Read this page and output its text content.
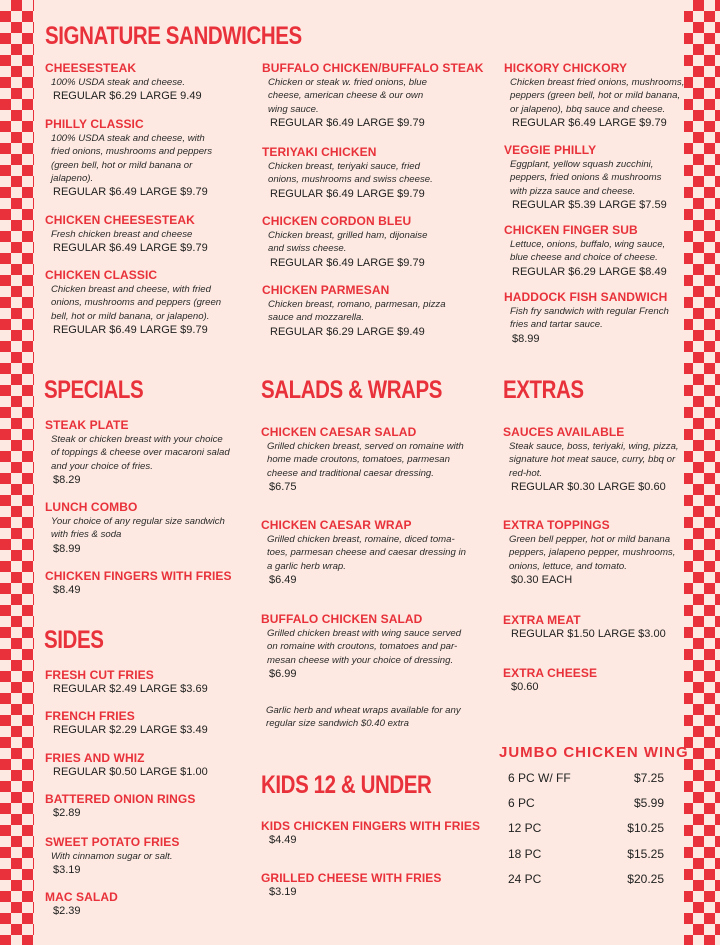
SIGNATURE SANDWICHES
SPECIALS	SALADS & WRAPS EXTRAS
SIDES
KIDS 12 & UNDER
JUMBO CHICKEN WING
CHEESESTEAK
100% USDA steak and cheese.
REGULAR $6.29 LARGE 9.49
PHILLY CLASSIC
100% USDA steak and cheese, with
fried onions, mushrooms and peppers
(green bell, hot or mild banana or
jalapeno).
REGULAR $6.49 LARGE $9.79
CHICKEN CHEESESTEAK
Fresh chicken breast and cheese
REGULAR $6.49 LARGE $9.79
CHICKEN CLASSIC
Chicken breast and cheese, with fried
onions, mushrooms and peppers (green
bell, hot or mild banana, or jalapeno).
REGULAR $6.49 LARGE $9.79
BUFFALO CHICKEN/BUFFALO STEAK
Chicken or steak w. fried onions, blue
cheese, american cheese & our own
wing sauce.
REGULAR $6.49 LARGE $9.79
TERIYAKI CHICKEN
Chicken breast, teriyaki sauce, fried
onions, mushrooms and swiss cheese.
REGULAR $6.49 LARGE $9.79
CHICKEN CORDON BLEU
Chicken breast, grilled ham, dijonaise
and swiss cheese.
REGULAR $6.49 LARGE $9.79
CHICKEN PARMESAN
Chicken breast, romano, parmesan, pizza
sauce and mozzarella.
REGULAR $6.29 LARGE $9.49
HICKORY CHICKORY
Chicken breast fried onions, mushrooms,
peppers (green bell, hot or mild banana,
or jalapeno), bbq sauce and cheese.
REGULAR $6.49 LARGE $9.79
VEGGIE PHILLY
Eggplant, yellow squash zucchini,
peppers, fried onions & mushrooms
with pizza sauce and cheese.
REGULAR $5.39 LARGE $7.59
CHICKEN FINGER SUB
Lettuce, onions, buffalo, wing sauce,
blue cheese and choice of cheese.
REGULAR $6.29 LARGE $8.49
HADDOCK FISH SANDWICH
Fish fry sandwich with regular French
fries and tartar sauce.
$8.99
STEAK PLATE
Steak or chicken breast with your choice
of toppings & cheese over macaroni salad
and your choice of fries.
$8.29
LUNCH COMBO
Your choice of any regular size sandwich
with fries & soda
$8.99
CHICKEN FINGERS WITH FRIES
$8.49
FRESH CUT FRIES
REGULAR $2.49 LARGE $3.69
FRENCH FRIES
REGULAR $2.29 LARGE $3.49
FRIES AND WHIZ
REGULAR $0.50 LARGE $1.00
BATTERED ONION RINGS
$2.89
SWEET POTATO FRIES
With cinnamon sugar or salt.
$3.19
MAC SALAD
$2.39
CHICKEN CAESAR SALAD
Grilled chicken breast, served on romaine with
home made croutons, tomatoes, parmesan
cheese and traditional caesar dressing.
$6.75
CHICKEN CAESAR WRAP
Grilled chicken breast, romaine, diced toma-
toes, parmesan cheese and caesar dressing in
a garlic herb wrap.
$6.49
BUFFALO CHICKEN SALAD
Grilled chicken breast with wing sauce served
on romaine with croutons, tomatoes and par-
mesan cheese with your choice of dressing.
$6.99
KIDS CHICKEN FINGERS WITH FRIES
$4.49
GRILLED CHEESE WITH FRIES
$3.19
SAUCES AVAILABLE
Steak sauce, boss, teriyaki, wing, pizza,
signature hot meat sauce, curry, bbq or
red-hot.
REGULAR $0.30 LARGE $0.60
EXTRA TOPPINGS
Green bell pepper, hot or mild banana
peppers, jalapeno pepper, mushrooms,
onions, lettuce, and tomato.
$0.30 EACH
EXTRA MEAT
REGULAR $1.50 LARGE $3.00
EXTRA CHEESE
$0.60
Garlic herb and wheat wraps available for any
regular size sandwich $0.40 extra
6 PC W/ FF	$7.25
6 PC	$5.99
12 PC	$10.25
18 PC	$15.25
24 PC	$20.25
